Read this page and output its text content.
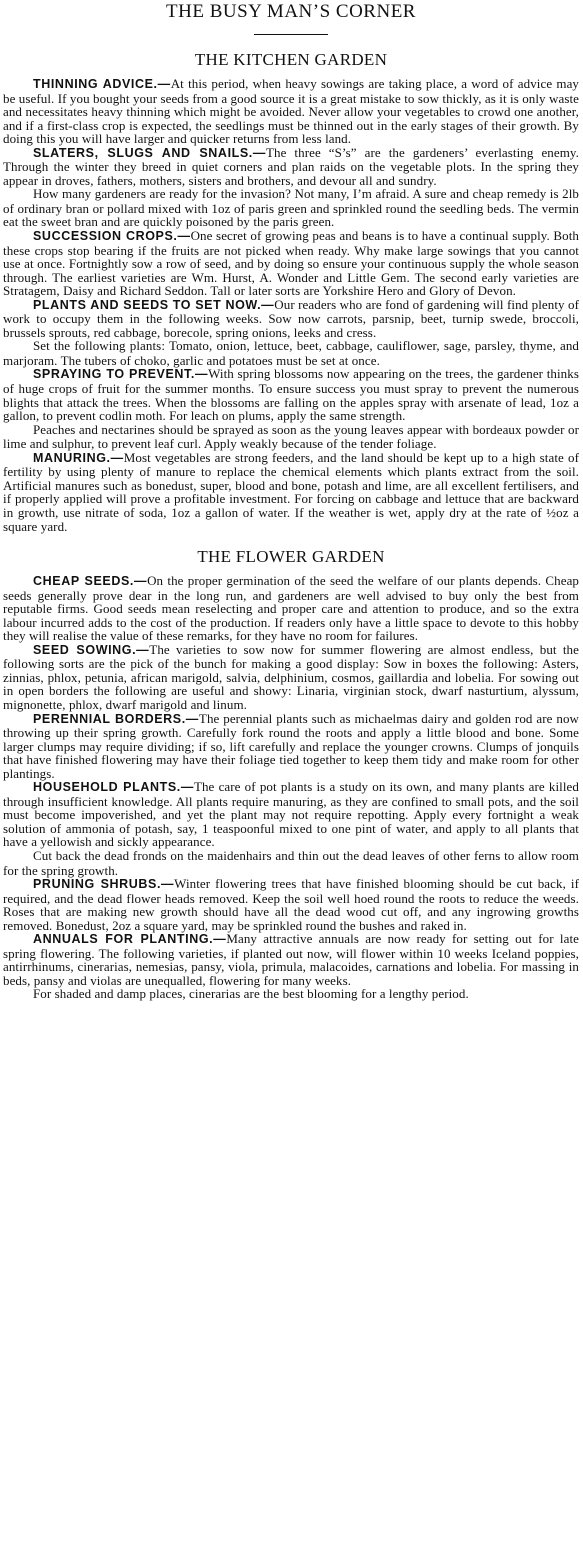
THE BUSY MAN’S CORNER
THE KITCHEN GARDEN

THINNING ADVICE.—At this period, when heavy sowings are taking place, a word of advice may be useful. If you bought your seeds from a good source it is a great mistake to sow thickly, as it is only waste and necessitates heavy thinning which might be avoided. Never allow your vegetables to crowd one another, and if a first-class crop is expected, the seedlings must be thinned out in the early stages of their growth. By doing this you will have larger and quicker returns from less land.

SLATERS, SLUGS AND SNAILS.—The three “S’s” are the gardeners’ everlasting enemy. Through the winter they breed in quiet corners and plan raids on the vegetable plots. In the spring they appear in droves, fathers, mothers, sisters and brothers, and devour all and sundry.

How many gardeners are ready for the invasion? Not many, I’m afraid. A sure and cheap remedy is 2lb of ordinary bran or pollard mixed with 1oz of paris green and sprinkled round the seedling beds. The vermin eat the sweet bran and are quickly poisoned by the paris green.

SUCCESSION CROPS.—One secret of growing peas and beans is to have a continual supply. Both these crops stop bearing if the fruits are not picked when ready. Why make large sowings that you cannot use at once. Fortnightly sow a row of seed, and by doing so ensure your continuous supply the whole season through. The earliest varieties are Wm. Hurst, A. Wonder and Little Gem. The second early varieties are Stratagem, Daisy and Richard Seddon. Tall or later sorts are Yorkshire Hero and Glory of Devon.

PLANTS AND SEEDS TO SET NOW.—Our readers who are fond of gardening will find plenty of work to occupy them in the following weeks. Sow now carrots, parsnip, beet, turnip swede, broccoli, brussels sprouts, red cabbage, borecole, spring onions, leeks and cress.

Set the following plants: Tomato, onion, lettuce, beet, cabbage, cauliflower, sage, parsley, thyme, and marjoram. The tubers of choko, garlic and potatoes must be set at once.

SPRAYING TO PREVENT.—With spring blossoms now appearing on the trees, the gardener thinks of huge crops of fruit for the summer months. To ensure success you must spray to prevent the numerous blights that attack the trees. When the blossoms are falling on the apples spray with arsenate of lead, 1oz a gallon, to prevent codlin moth. For leach on plums, apply the same strength.

Peaches and nectarines should be sprayed as soon as the young leaves appear with bordeaux powder or lime and sulphur, to prevent leaf curl. Apply weakly because of the tender foliage.

MANURING.—Most vegetables are strong feeders, and the land should be kept up to a high state of fertility by using plenty of manure to replace the chemical elements which plants extract from the soil. Artificial manures such as bonedust, super, blood and bone, potash and lime, are all excellent fertilisers, and if properly applied will prove a profitable investment. For forcing on cabbage and lettuce that are backward in growth, use nitrate of soda, 1oz a gallon of water. If the weather is wet, apply dry at the rate of ½oz a square yard.

THE FLOWER GARDEN

CHEAP SEEDS.—On the proper germination of the seed the welfare of our plants depends. Cheap seeds generally prove dear in the long run, and gardeners are well advised to buy only the best from reputable firms. Good seeds mean reselecting and proper care and attention to produce, and so the extra labour incurred adds to the cost of the production. If readers only have a little space to devote to this hobby they will realise the value of these remarks, for they have no room for failures.

SEED SOWING.—The varieties to sow now for summer flowering are almost endless, but the following sorts are the pick of the bunch for making a good display: Sow in boxes the following: Asters, zinnias, phlox, petunia, african marigold, salvia, delphinium, cosmos, gaillardia and lobelia. For sowing out in open borders the following are useful and showy: Linaria, virginian stock, dwarf nasturtium, alyssum, mignonette, phlox, dwarf marigold and linum.

PERENNIAL BORDERS.—The perennial plants such as michaelmas dairy and golden rod are now throwing up their spring growth. Carefully fork round the roots and apply a little blood and bone. Some larger clumps may require dividing; if so, lift carefully and replace the younger crowns. Clumps of jonquils that have finished flowering may have their foliage tied together to keep them tidy and make room for other plantings.

HOUSEHOLD PLANTS.—The care of pot plants is a study on its own, and many plants are killed through insufficient knowledge. All plants require manuring, as they are confined to small pots, and the soil must become impoverished, and yet the plant may not require repotting. Apply every fortnight a weak solution of ammonia of potash, say, 1 teaspoonful mixed to one pint of water, and apply to all plants that have a yellowish and sickly appearance.

Cut back the dead fronds on the maidenhairs and thin out the dead leaves of other ferns to allow room for the spring growth.

PRUNING SHRUBS.—Winter flowering trees that have finished blooming should be cut back, if required, and the dead flower heads removed. Keep the soil well hoed round the roots to reduce the weeds. Roses that are making new growth should have all the dead wood cut off, and any ingrowing growths removed. Bonedust, 2oz a square yard, may be sprinkled round the bushes and raked in.

ANNUALS FOR PLANTING.—Many attractive annuals are now ready for setting out for late spring flowering. The following varieties, if planted out now, will flower within 10 weeks Iceland poppies, antirrhinums, cinerarias, nemesias, pansy, viola, primula, malacoides, carnations and lobelia. For massing in beds, pansy and violas are unequalled, flowering for many weeks.

For shaded and damp places, cinerarias are the best blooming for a lengthy period.
